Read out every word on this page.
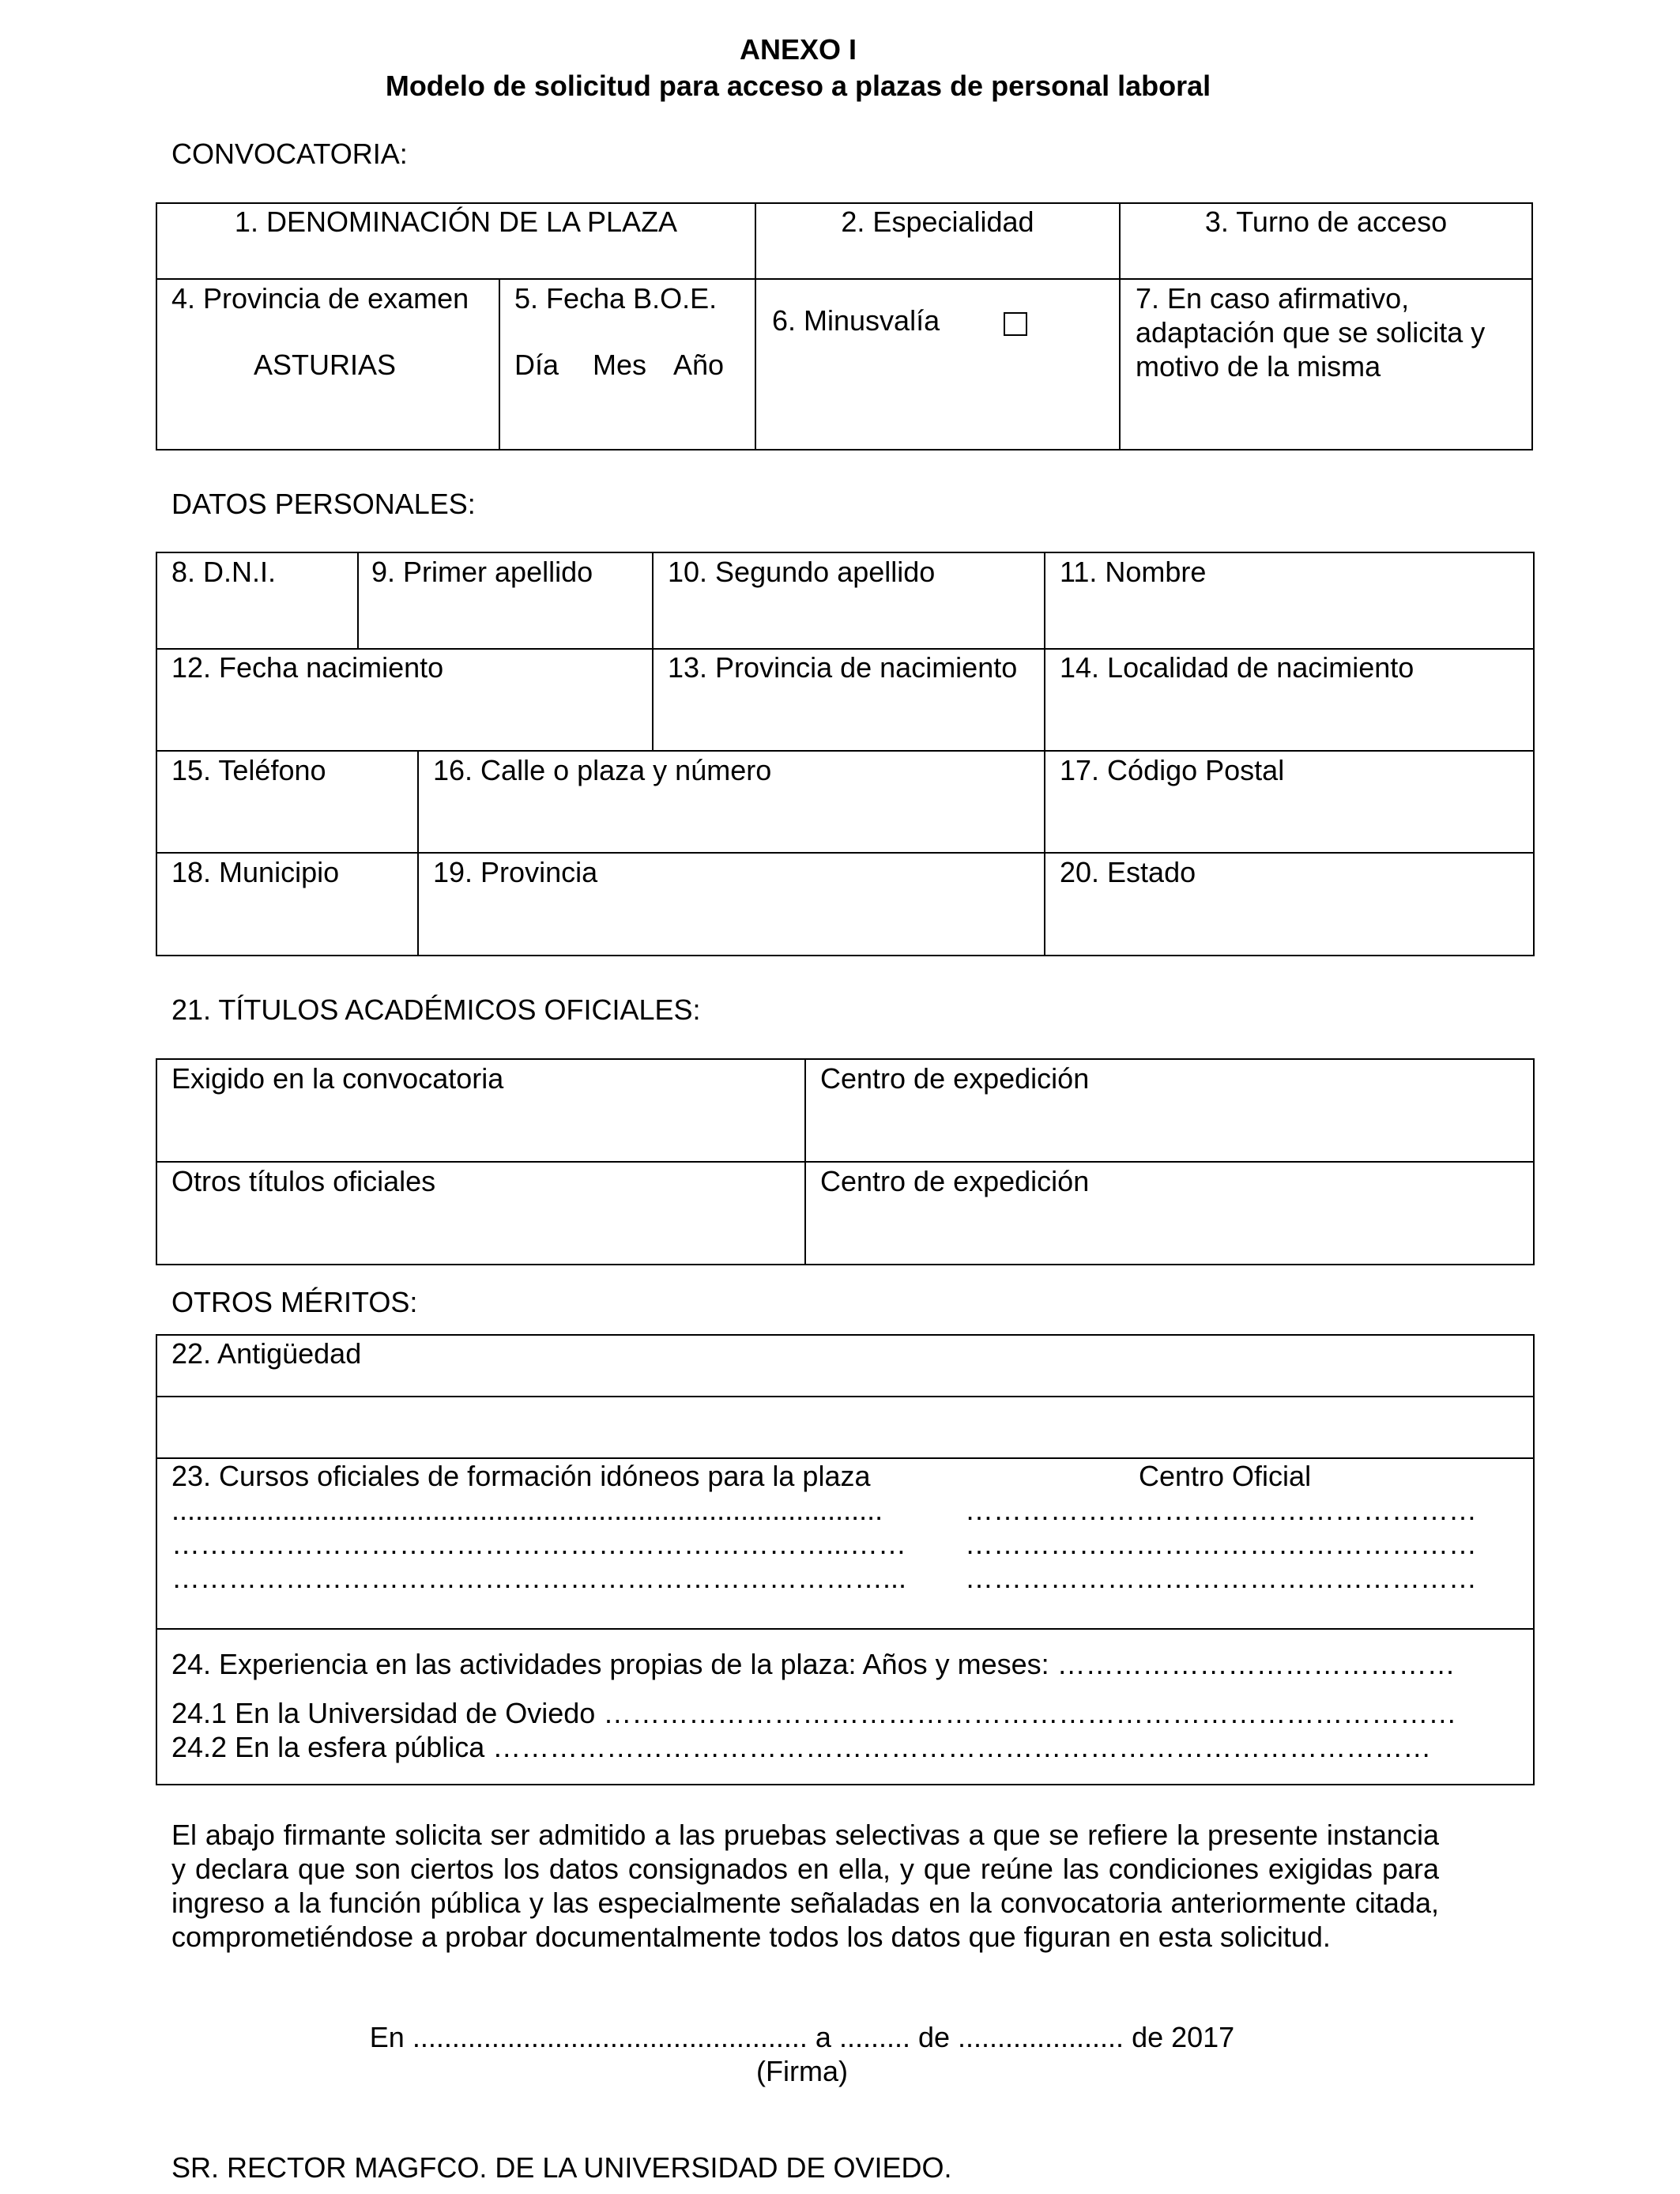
ANEXO I
Modelo de solicitud para acceso a plazas de personal laboral
CONVOCATORIA:
1. DENOMINACIÓN DE LA PLAZA	2. Especialidad	3. Turno de acceso
4. Provincia de examen
ASTURIAS
5. Fecha B.O.E.
Día Mes Año
6. Minusvalía
7. En caso afirmativo,
adaptación que se solicita y
motivo de la misma
DATOS PERSONALES:
8. D.N.I.	9. Primer apellido	10. Segundo apellido	11. Nombre
12. Fecha nacimiento	13. Provincia de nacimiento 14. Localidad de nacimiento
15. Teléfono	16. Calle o plaza y número	17. Código Postal
18. Municipio	19. Provincia	20. Estado
21. TÍTULOS ACADÉMICOS OFICIALES:
Exigido en la convocatoria	Centro de expedición
Otros títulos oficiales	Centro de expedición
OTROS MÉRITOS:
22. Antigüedad
23. Cursos oficiales de formación idóneos para la plaza	Centro Oficial
..........................................................................................
……………………………………………………………...……
…………………………………………………………………...
………………………………………………
………………………………………………
………………………………………………
24. Experiencia en las actividades propias de la plaza: Años y meses: ……………………………………
24.1 En la Universidad de Oviedo ………………………………………………………………………………
24.2 En la esfera pública ………………………………………………………………………………………
El abajo firmante solicita ser admitido a las pruebas selectivas a que se refiere la presente instancia y declara que son ciertos los datos consignados en ella, y que reúne las condiciones exigidas para ingreso a la función pública y las especialmente señaladas en la convocatoria anteriormente citada, comprometiéndose a probar documentalmente todos los datos que figuran en esta solicitud.
En .................................................. a ......... de ..................... de 2017
(Firma)
SR. RECTOR MAGFCO. DE LA UNIVERSIDAD DE OVIEDO.
